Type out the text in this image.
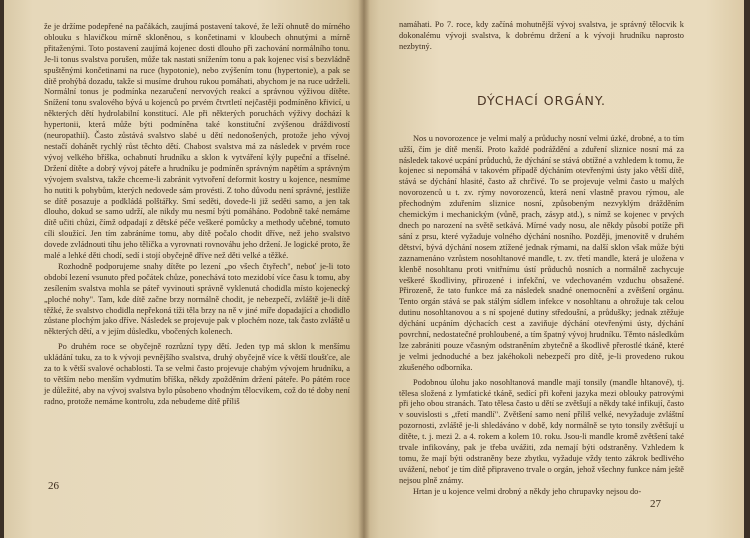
že je držíme podepřené na pačákách, zaujímá postavení takové, že leží ohnutě do mírného oblouku s hlavičkou mírně skloněnou, s končetinami v kloubech ohnutými a mírně přitaženými. Toto postavení zaujímá kojenec dosti dlouho při zachování normálního tonu. Je-li tonus svalstva porušen, může tak nastati snížením tonu a pak kojenec visí s bezvládně spuštěnými končetinami na ruce (hypotonie), nebo zvýšením tonu (hypertonie), a pak se dítě prohýbá dozadu, takže si musíme druhou rukou pomáhati, abychom je na ruce udrželi. Normální tonus je podmínka nezaručení nervových reakcí a správnou výživou dítěte. Snížení tonu svalového bývá u kojenců po prvém čtvrtletí nejčastěji podmíněno křivicí, u některých dětí hydrolabilní konstitucí. Ale při některých poruchách výživy dochází k hypertonii, která může býti podmíněna také konstituční zvýšenou dráždivostí (neuropathií). Často zůstává svalstvo slabé u dětí nedonošených, protože jeho vývoj nestačí dohánět rychlý růst těchto dětí. Chabost svalstva má za následek v prvém roce vývoj velkého bříška, ochabnutí hrudníku a sklon k vytváření kýly pupeční a tříselné. Držení dítěte a dobrý vývoj páteře a hrudníku je podmíněn správným napětím a správným vývojem svalstva, takže chceme-li zabránit vytvoření deformit kostry u kojence, nesmíme ho nutiti k pohybům, kterých nedovede sám provésti. Z toho důvodu není správné, jestliže se dítě posazuje a podkládá polštářky. Smí seděti, dovede-li již seděti samo, a jen tak dlouho, dokud se samo udrží, ale nikdy mu nesmí býti pomáháno. Podobně také nemáme dítě učiti chůzi, čímž odpadají z dětské péče veškeré pomůcky a methody učebné, tomuto cíli sloužící. Jen tím zabráníme tomu, aby dítě počalo chodit dříve, než jeho svalstvo dovede zvládnouti tíhu jeho tělíčka a vyrovnati rovnováhu jeho držení. Je logické proto, že malé a lehké děti chodí, sedí i stojí obyčejně dříve než děti velké a těžké.

Rozhodně podporujeme snahy dítěte po lezení „po všech čtyřech", neboť je-li toto období lezení vsunuto před počátek chůze, ponechává toto mezidobí více času k tomu, aby zesílením svalstva mohla se páteř vyvinouti správně vyklenutá chodidla místo kojenecký „ploché nohy". Tam, kde dítě začne brzy normálně chodit, je nebezpečí, zvláště je-li dítě těžké, že svalstvo chodidla nepřekoná tíži těla brzy na ně v jiné míře dopadající a chodidlo zůstane plochým jako dříve. Následek se projevuje pak v plochém noze, tak často zvláště u některých dětí, a v jejím důsledku, vbočených kolenech.

Po druhém roce se obyčejně rozrůzní typy dětí. Jeden typ má sklon k menšímu ukládání tuku, za to k vývoji pevnějšího svalstva, druhý obyčejně více k větší tloušťce, ale za to k větší svalové ochablosti. Ta se velmi často projevuje chabým vývojem hrudníku, a to větším nebo menším vydmutím bříška, někdy zpožděním držení páteře. Po pátém roce je důležité, aby na vývoj svalstva bylo působeno vhodným tělocvikem, což do té doby není radno, protože nemáme kontrolu, zda nebudeme dítě příliš

26

namáhati. Po 7. roce, kdy začíná mohutnější vývoj svalstva, je správný tělocvik k dokonalému vývoji svalstva, k dobrému držení a k vývoji hrudníku naprosto nezbytný.

DÝCHACÍ ORGÁNY.

Nos u novorozence je velmi malý a průduchy nosní velmi úzké, drobné, a to tím užší, čím je dítě menší. Proto každé podráždění a zduření sliznice nosní má za následek takové ucpání průduchů, že dýchání se stává obtížné a vzhledem k tomu, že kojenec si nepomáhá v takovém případě dýcháním otevřenými ústy jako větší dítě, stává se dýchání hlasité, často až chrčivé. To se projevuje velmi často u malých novorozenců u t. zv. rýmy novorozenců, která není vlastně pravou rýmou, ale přechodným zduřením sliznice nosní, způsobeným nezvyklým drážděním chemickým i mechanickým (vůně, prach, zásyp atd.), s nímž se kojenec v prvých dnech po narození na světě setkává. Mírné vady nosu, ale někdy působí potíže při sání z prsu, které vyžaduje volného dýchání nosního. Později, jmenovitě v druhém dětství, bývá dýchání nosem ztížené jednak rýmami, na další sklon však může býti zaznamenáno vzrůstem nosohltanové mandle, t. zv. třetí mandle, která je uložena v klenbě nosohltanu proti vnitřnímu ústí průduchů nosních a normálně zachycuje veškeré škodliviny, přirozené i infekční, ve vdechovaném vzduchu obsažené. Přirozeně, že tato funkce má za následek snadné onemocnění a zvětšení orgánu. Tento orgán stává se pak stálým sídlem infekce v nosohltanu a ohrožuje tak celou dutinu nosohltanovou a s ní spojené dutiny středoušní, a průdušky; jednak ztěžuje dýchání ucpáním dýchacích cest a zaviňuje dýchání otevřenými ústy, dýchání povrchní, nedostatečné prohloubené, a tím špatný vývoj hrudníku. Těmto následkům lze zabrániti pouze včasným odstraněním zbytečně a škodlivě přerostlé tkáně, které je velmi jednoduché a bez jakéhokoli nebezpečí pro dítě, je-li provedeno rukou zkušeného odborníka.

Podobnou úlohu jako nosohltanová mandle mají tonsily (mandle hltanové), tj. tělesa složená z lymfatické tkáně, sedící při kořeni jazyka mezi oblouky patrovými při jeho obou stranách. Tato tělesa často u dětí se zvětšují a někdy také infikují, často v souvislosti s „třetí mandlí". Zvětšení samo není příliš velké, nevyžaduje zvláštní pozornosti, zvláště je-li shledáváno v době, kdy normálně se tyto tonsily zvětšují u dítěte, t. j. mezi 2. a 4. rokem a kolem 10. roku. Jsou-li mandle kromě zvětšení také trvale infikovány, pak je třeba uvážiti, zda nemají býti odstraněny. Vzhledem k tomu, že mají býti odstraněny beze zbytku, vyžaduje vždy tento zákrok bedlivého uvážení, neboť je tím dítě připraveno trvale o orgán, jehož všechny funkce nám ještě nejsou plně známy.

Hrtan je u kojence velmi drobný a někdy jeho chrupavky nejsou do-

27
